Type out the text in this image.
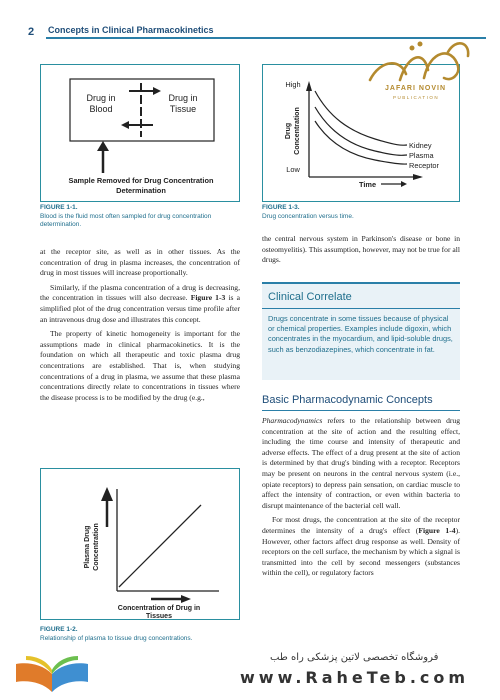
2 Concepts in Clinical Pharmacokinetics
Drug in
Blood
Drug in
Tissue
Sample Removed for Drug Concentration
Determination
FIGURE 1-1.
Blood is the fluid most often sampled for drug concentration determination.
High
Low
Drug Concentration
Time
Kidney
Plasma
Receptor
FIGURE 1-3.
Drug concentration versus time.
JAFARI NOVIN
PUBLICATION

at the receptor site, as well as in other tissues. As the concentration of drug in plasma increases, the concentration of drug in most tissues will increase proportionally.

Similarly, if the plasma concentration of a drug is decreasing, the concentration in tissues will also decrease. Figure 1-3 is a simplified plot of the drug concentration versus time profile after an intravenous drug dose and illustrates this concept.

The property of kinetic homogeneity is important for the assumptions made in clinical pharmacokinetics. It is the foundation on which all therapeutic and toxic plasma drug concentrations are established. That is, when studying concentrations of a drug in plasma, we assume that these plasma concentrations directly relate to concentrations in tissues where the disease process is to be modified by the drug (e.g.,

Plasma Drug Concentration
Concentration of Drug in
Tissues
FIGURE 1-2.
Relationship of plasma to tissue drug concentrations.

the central nervous system in Parkinson's disease or bone in osteomyelitis). This assumption, however, may not be true for all drugs.

Clinical Correlate
Drugs concentrate in some tissues because of physical or chemical properties. Examples include digoxin, which concentrates in the myocardium, and lipid-soluble drugs, such as benzodiazepines, which concentrate in fat.
Basic Pharmacodynamic Concepts

Pharmacodynamics refers to the relationship between drug concentration at the site of action and the resulting effect, including the time course and intensity of therapeutic and adverse effects. The effect of a drug present at the site of action is determined by that drug's binding with a receptor. Receptors may be present on neurons in the central nervous system (i.e., opiate receptors) to depress pain sensation, on cardiac muscle to affect the intensity of contraction, or even within bacteria to disrupt maintenance of the bacterial cell wall.

For most drugs, the concentration at the site of the receptor determines the intensity of a drug's effect (Figure 1-4). However, other factors affect drug response as well. Density of receptors on the cell surface, the mechanism by which a signal is transmitted into the cell by second messengers (substances within the cell), or regulatory factors

فروشگاه تخصصی لاتین پزشکی راه طب
www.RaheTeb.com
